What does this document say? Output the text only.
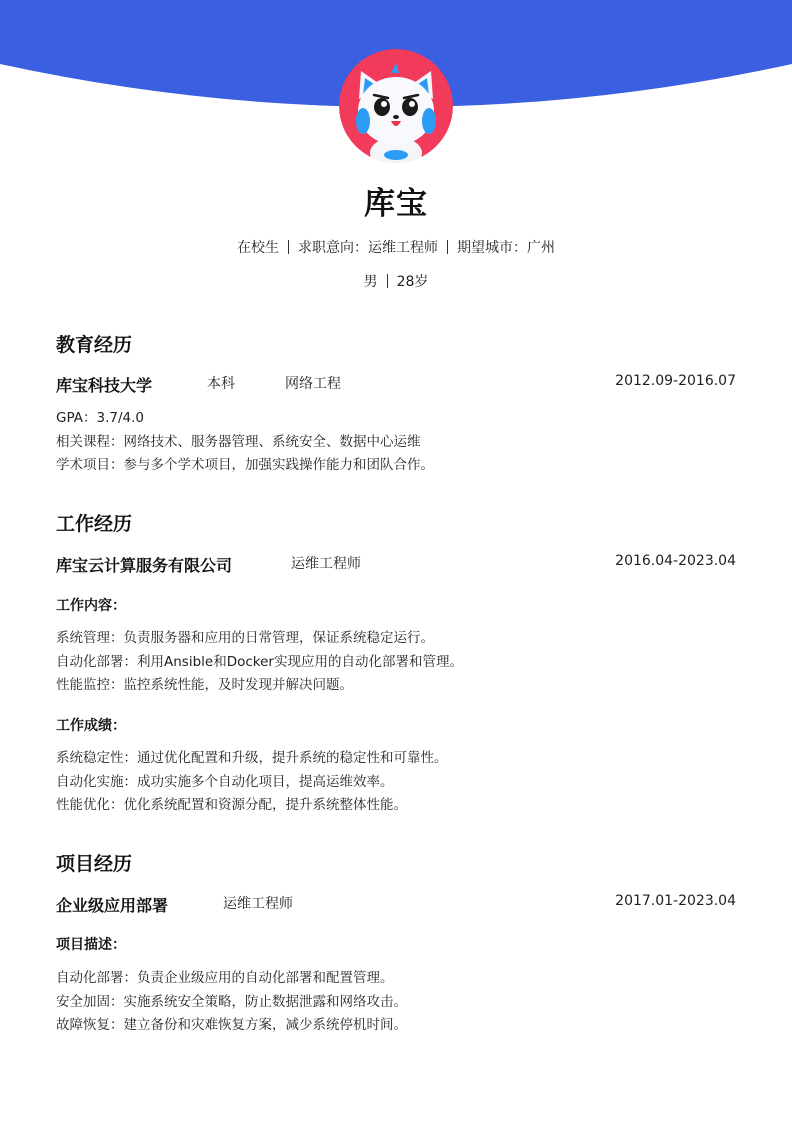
库宝
在校生 求职意向：运维工程师 期望城市：广州
男 28岁
教育经历
库宝科技大学	本科	网络工程	2012.09-2016.07
GPA：3.7/4.0
相关课程：网络技术、服务器管理、系统安全、数据中心运维
学术项目：参与多个学术项目，加强实践操作能力和团队合作。
工作经历
库宝云计算服务有限公司	运维工程师	2016.04-2023.04
工作内容：
系统管理：负责服务器和应用的日常管理，保证系统稳定运行。
自动化部署：利用Ansible和Docker实现应用的自动化部署和管理。
性能监控：监控系统性能，及时发现并解决问题。
工作成绩：
系统稳定性：通过优化配置和升级，提升系统的稳定性和可靠性。
自动化实施：成功实施多个自动化项目，提高运维效率。
性能优化：优化系统配置和资源分配，提升系统整体性能。
项目经历
企业级应用部署	运维工程师	2017.01-2023.04
项目描述：
自动化部署：负责企业级应用的自动化部署和配置管理。
安全加固：实施系统安全策略，防止数据泄露和网络攻击。
故障恢复：建立备份和灾难恢复方案，减少系统停机时间。
